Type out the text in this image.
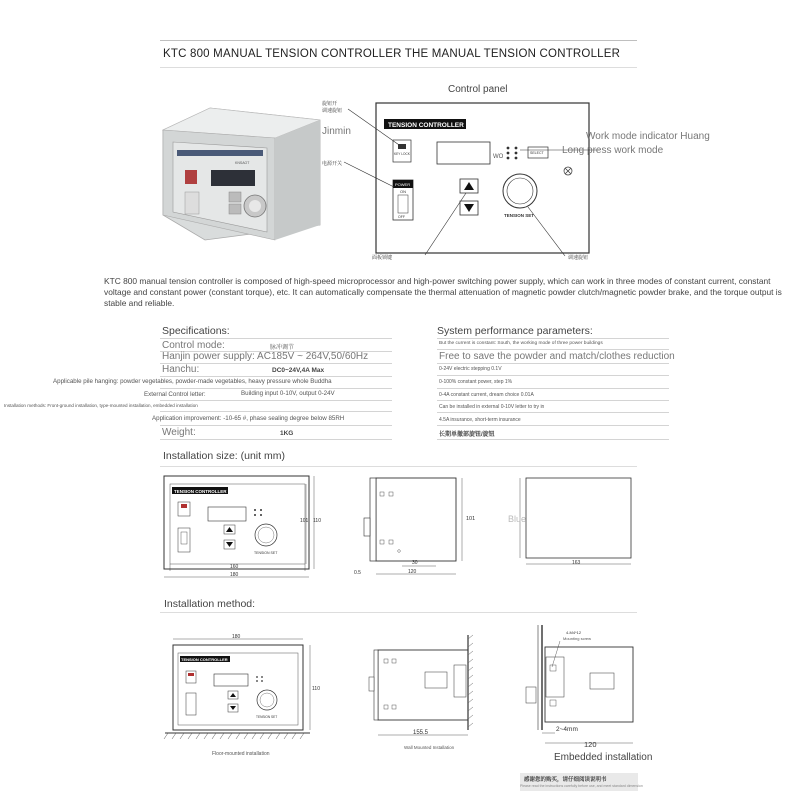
KTC 800 MANUAL TENSION CONTROLLER THE MANUAL TENSION CONTROLLER
Control panel
KNSAOT
TENSION CONTROLLER
KEY LOCK	WO
SELECT
POWER
ON
OFF	TENSION SET
旋钮开
调速旋钮
电源开关
面板锁键	调速旋钮
Jinmin	Work mode indicator Huang
Long press work mode
KTC 800 manual tension controller is composed of high-speed microprocessor and high-power switching power supply, which can work in three modes of constant current, constant voltage and constant power (constant torque), etc. It can automatically compensate the thermal attenuation of magnetic powder clutch/magnetic powder brake, and the torque output is stable and reliable.
Specifications:
Control mode:	脉冲调节
Hanjin power supply: AC185V ~ 264V,50/60Hz
Hanchu:	DC0~24V,4A Max
Applicable pile hanging: powder vegetables, powder-made vegetables, heavy pressure whole Buddha
External Control letter:	Building input 0-10V, output 0-24V
Installation methods: Front-ground installation, type-mounted installation, embedded installation
Application improvement: -10-65 #, phase sealing degree below 85RH
Weight:	1KG
System performance parameters:
But the current is constant: South, the working mode of three power buildings
Free to save the powder and match/clothes reduction
0-24V electric stepping 0.1V
0-100% constant power, step 1%
0-4A constant current, dream choice 0.01A
Can be installed in external 0-10V letter to try in
4.5A insurance, short-term insurance
长期单撤部旋钮/旋钮
Installation size: (unit mm)
TENSION CONTROLLER
TENSION SET
160
180
101 110	101
30
120
0.5
163
Blue
Installation method:
180
TENSION CONTROLLER
TENSION SET
110
Floor-mounted installation
155.5
Wall Mounted Installation
4-M4*12
Mounting screw
2~4mm
120
Embedded installation
感谢您的购买，请仔细阅读说明书
Please read the instructions carefully before use, and meet standard dimension
